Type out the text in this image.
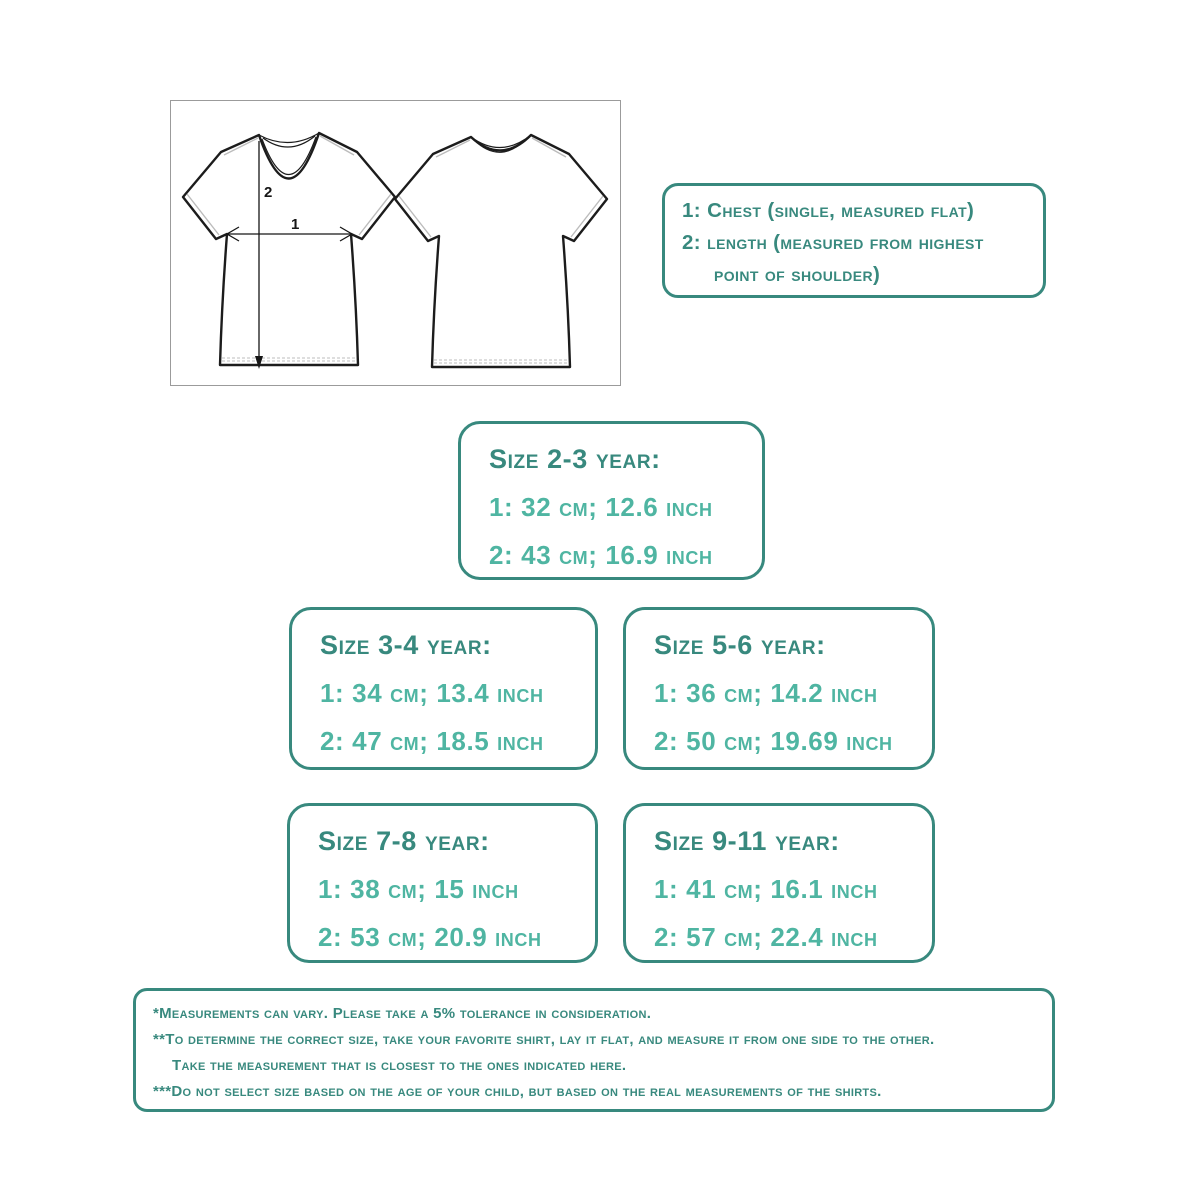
2
1
1: Chest (single, measured flat)
2: length (measured from highest
point of shoulder)
Size 2-3 year:
1: 32 cm; 12.6 inch
2: 43 cm; 16.9 inch
Size 3-4 year:
1: 34 cm; 13.4 inch
2: 47 cm; 18.5 inch
Size 5-6 year:
1: 36 cm; 14.2 inch
2: 50 cm; 19.69 inch
Size 7-8 year:
1: 38 cm; 15 inch
2: 53 cm; 20.9 inch
Size 9-11 year:
1: 41 cm; 16.1 inch
2: 57 cm; 22.4 inch
*Measurements can vary. Please take a 5% tolerance in consideration.
**To determine the correct size, take your favorite shirt, lay it flat, and measure it from one side to the other.
Take the measurement that is closest to the ones indicated here.
***Do not select size based on the age of your child, but based on the real measurements of the shirts.
